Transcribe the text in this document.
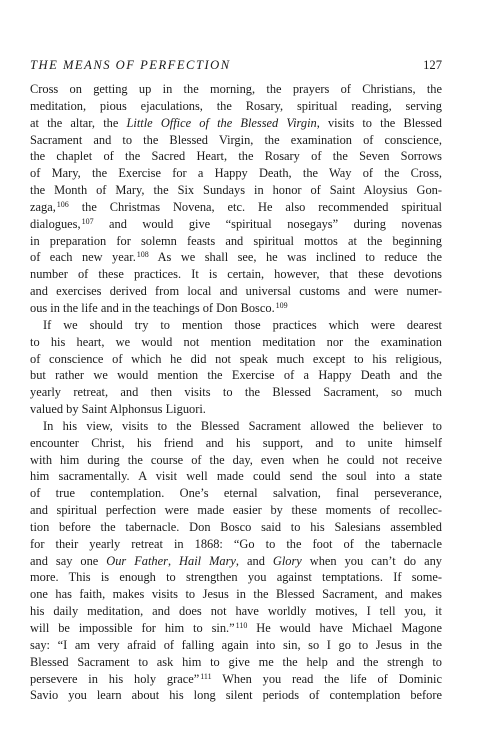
THE MEANS OF PERFECTION	127
Cross on getting up in the morning, the prayers of Christians, the
meditation, pious ejaculations, the Rosary, spiritual reading, serving
at the altar, the Little Office of the Blessed Virgin, visits to the Blessed
Sacrament and to the Blessed Virgin, the examination of conscience,
the chaplet of the Sacred Heart, the Rosary of the Seven Sorrows
of Mary, the Exercise for a Happy Death, the Way of the Cross,
the Month of Mary, the Six Sundays in honor of Saint Aloysius Gon-
zaga,$^{106}$ the Christmas Novena, etc. He also recommended spiritual
dialogues,$^{107}$ and would give “spiritual nosegays” during novenas
in preparation for solemn feasts and spiritual mottos at the beginning
of each new year.$^{108}$ As we shall see, he was inclined to reduce the
number of these practices. It is certain, however, that these devotions
and exercises derived from local and universal customs and were numer-
ous in the life and in the teachings of Don Bosco.$^{109}$
If we should try to mention those practices which were dearest
to his heart, we would not mention meditation nor the examination
of conscience of which he did not speak much except to his religious,
but rather we would mention the Exercise of a Happy Death and the
yearly retreat, and then visits to the Blessed Sacrament, so much
valued by Saint Alphonsus Liguori.
In his view, visits to the Blessed Sacrament allowed the believer to
encounter Christ, his friend and his support, and to unite himself
with him during the course of the day, even when he could not receive
him sacramentally. A visit well made could send the soul into a state
of true contemplation. One’s eternal salvation, final perseverance,
and spiritual perfection were made easier by these moments of recollec-
tion before the tabernacle. Don Bosco said to his Salesians assembled
for their yearly retreat in 1868: “Go to the foot of the tabernacle
and say one Our Father, Hail Mary, and Glory when you can’t do any
more. This is enough to strengthen you against temptations. If some-
one has faith, makes visits to Jesus in the Blessed Sacrament, and makes
his daily meditation, and does not have worldly motives, I tell you, it
will be impossible for him to sin.”$^{110}$ He would have Michael Magone
say: “I am very afraid of falling again into sin, so I go to Jesus in the
Blessed Sacrament to ask him to give me the help and the strengh to
persevere in his holy grace”$^{111}$ When you read the life of Dominic
Savio you learn about his long silent periods of contemplation before
